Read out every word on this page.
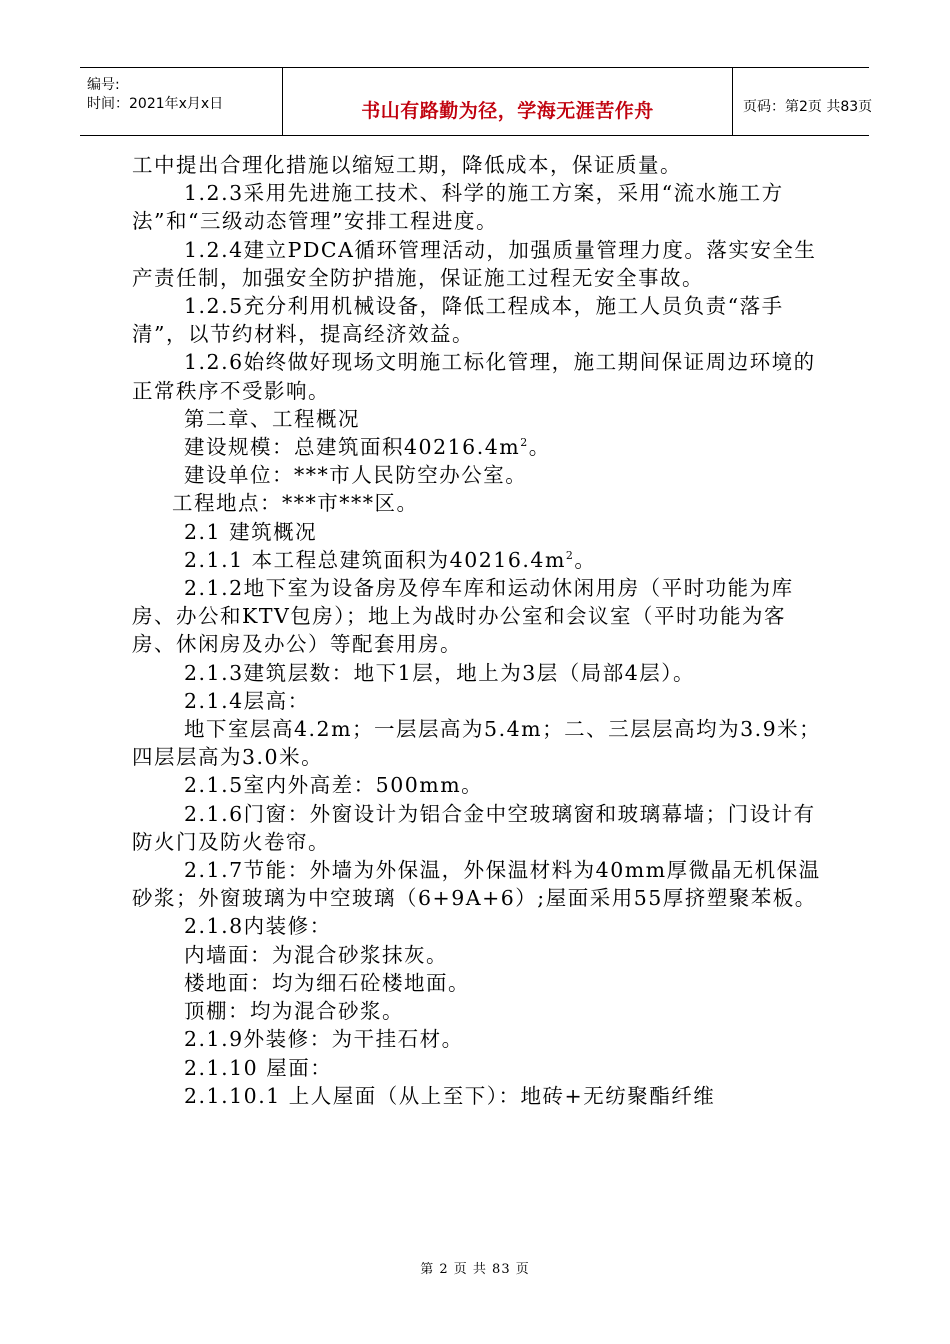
编号:
时间：2021年x月x日	书山有路勤为径，学海无涯苦作舟	页码：第2页 共83页

工中提出合理化措施以缩短工期，降低成本，保证质量。

1.2.3采用先进施工技术、科学的施工方案，采用“流水施工方法”和“三级动态管理”安排工程进度。

1.2.4建立PDCA循环管理活动，加强质量管理力度。落实安全生产责任制，加强安全防护措施，保证施工过程无安全事故。

1.2.5充分利用机械设备，降低工程成本，施工人员负责“落手清”，以节约材料，提高经济效益。

1.2.6始终做好现场文明施工标化管理，施工期间保证周边环境的正常秩序不受影响。

第二章、工程概况

建设规模：总建筑面积$40216.4m^2$。

建设单位：***市人民防空办公室。

工程地点：***市***区。

2.1 建筑概况

2.1.1 本工程总建筑面积为$40216.4m^2$。

2.1.2地下室为设备房及停车库和运动休闲用房（平时功能为库房、办公和KTV包房）；地上为战时办公室和会议室（平时功能为客房、休闲房及办公）等配套用房。

2.1.3建筑层数：地下1层，地上为3层（局部4层）。

2.1.4层高：

地下室层高4.2m；一层层高为5.4m；二、三层层高均为3.9米；四层层高为3.0米。

2.1.5室内外高差：500mm。

2.1.6门窗：外窗设计为铝合金中空玻璃窗和玻璃幕墙；门设计有防火门及防火卷帘。

2.1.7节能：外墙为外保温，外保温材料为40mm厚微晶无机保温砂浆；外窗玻璃为中空玻璃（6+9A+6）;屋面采用55厚挤塑聚苯板。

2.1.8内装修：

内墙面：为混合砂浆抹灰。

楼地面：均为细石砼楼地面。

顶棚：均为混合砂浆。

2.1.9外装修：为干挂石材。

2.1.10 屋面：

2.1.10.1 上人屋面（从上至下）：地砖+无纺聚酯纤维

第 2 页 共 83 页
